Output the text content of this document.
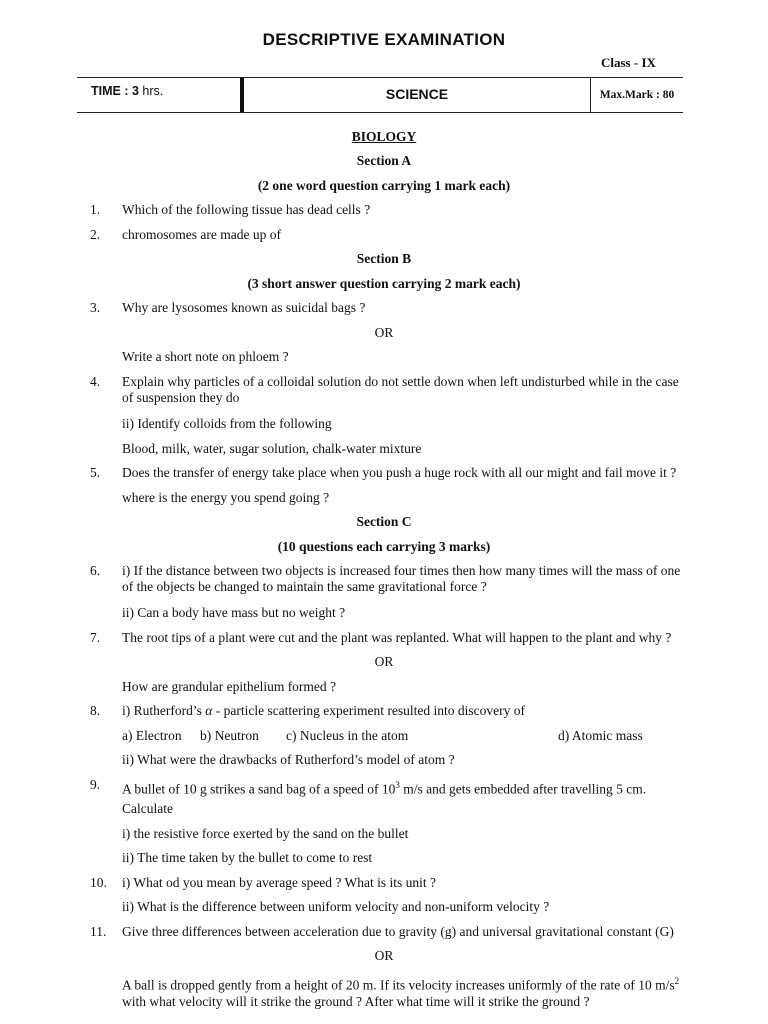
DESCRIPTIVE EXAMINATION
Class - IX
TIME : 3 hrs.	SCIENCE	Max.Mark : 80
BIOLOGY
Section A
(2 one word question carrying 1 mark each)
1. Which of the following tissue has dead cells ?
2. chromosomes are made up of
Section B
(3 short answer question carrying 2 mark each)
3. Why are lysosomes known as suicidal bags ?
OR
Write a short note on phloem ?
4. Explain why particles of a colloidal solution do not settle down when left undisturbed while in the case of suspension they do
ii) Identify colloids from the following
Blood, milk, water, sugar solution, chalk-water mixture
5. Does the transfer of energy take place when you push a huge rock with all our might and fail move it ?
where is the energy you spend going ?
Section C
(10 questions each carrying 3 marks)
6. i) If the distance between two objects is increased four times then how many times will the mass of one of the objects be changed to maintain the same gravitational force ?
ii) Can a body have mass but no weight ?
7. The root tips of a plant were cut and the plant was replanted. What will happen to the plant and why ?
OR
How are grandular epithelium formed ?
8. i) Rutherford’s α - particle scattering experiment resulted into discovery of
a) Electron b) Neutron c) Nucleus in the atom	d) Atomic mass
ii) What were the drawbacks of Rutherford’s model of atom ?
9. A bullet of 10 g strikes a sand bag of a speed of $10^3$ m/s and gets embedded after travelling 5 cm.
Calculate
i) the resistive force exerted by the sand on the bullet
ii) The time taken by the bullet to come to rest
10. i) What od you mean by average speed ? What is its unit ?
ii) What is the difference between uniform velocity and non-uniform velocity ?
11. Give three differences between acceleration due to gravity (g) and universal gravitational constant (G)
OR
A ball is dropped gently from a height of 20 m. If its velocity increases uniformly of the rate of 10 $m/s^2$ with what velocity will it strike the ground ? After what time will it strike the ground ?
